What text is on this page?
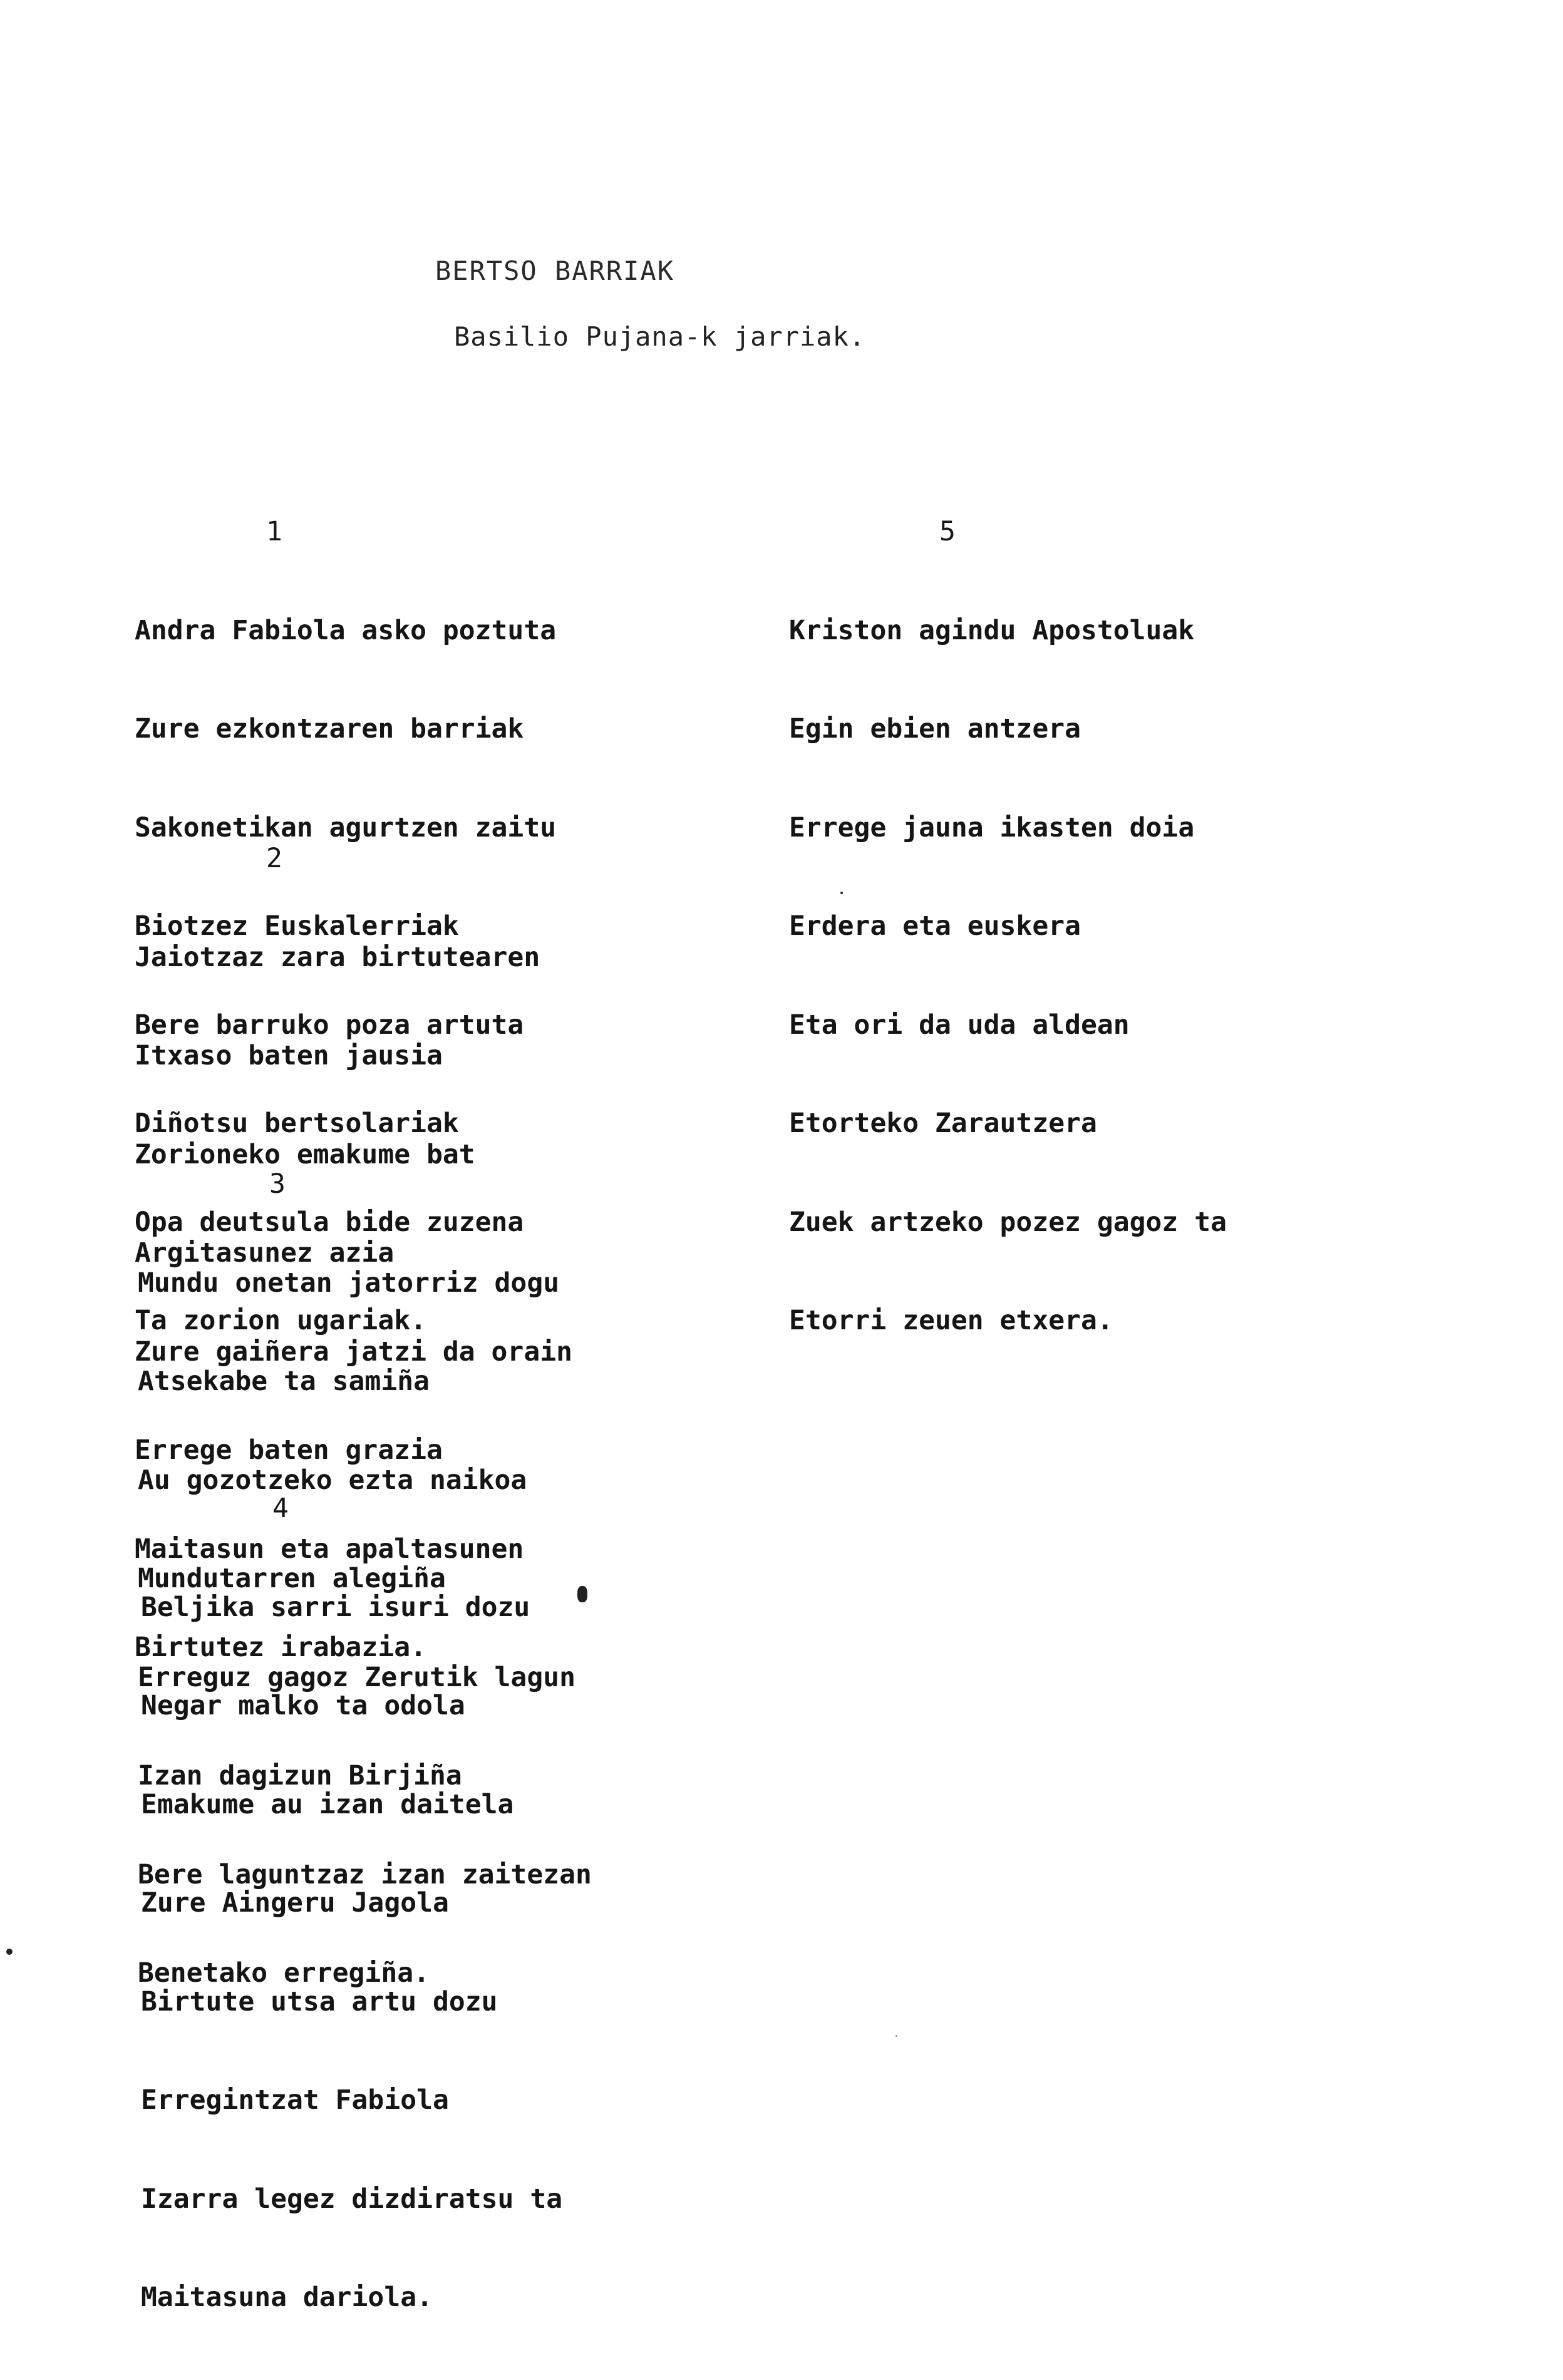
BERTSO BARRIAK
Basilio Pujana-k jarriak.

1

Andra Fabiola asko poztuta

Zure ezkontzaren barriak

Sakonetikan agurtzen zaitu

Biotzez Euskalerriak

Bere barruko poza artuta

Diñotsu bertsolariak

Opa deutsula bide zuzena

Ta zorion ugariak.

2

Jaiotzaz zara birtutearen

Itxaso baten jausia

Zorioneko emakume bat

Argitasunez azia

Zure gaiñera jatzi da orain

Errege baten grazia

Maitasun eta apaltasunen

Birtutez irabazia.

3

Mundu onetan jatorriz dogu

Atsekabe ta samiña

Au gozotzeko ezta naikoa

Mundutarren alegiña

Erreguz gagoz Zerutik lagun

Izan dagizun Birjiña

Bere laguntzaz izan zaitezan

Benetako erregiña.

4

Beljika sarri isuri dozu

Negar malko ta odola

Emakume au izan daitela

Zure Aingeru Jagola

Birtute utsa artu dozu

Erregintzat Fabiola

Izarra legez dizdiratsu ta

Maitasuna dariola.

5

Kriston agindu Apostoluak

Egin ebien antzera

Errege jauna ikasten doia

Erdera eta euskera

Eta ori da uda aldean

Etorteko Zarautzera

Zuek artzeko pozez gagoz ta

Etorri zeuen etxera.
